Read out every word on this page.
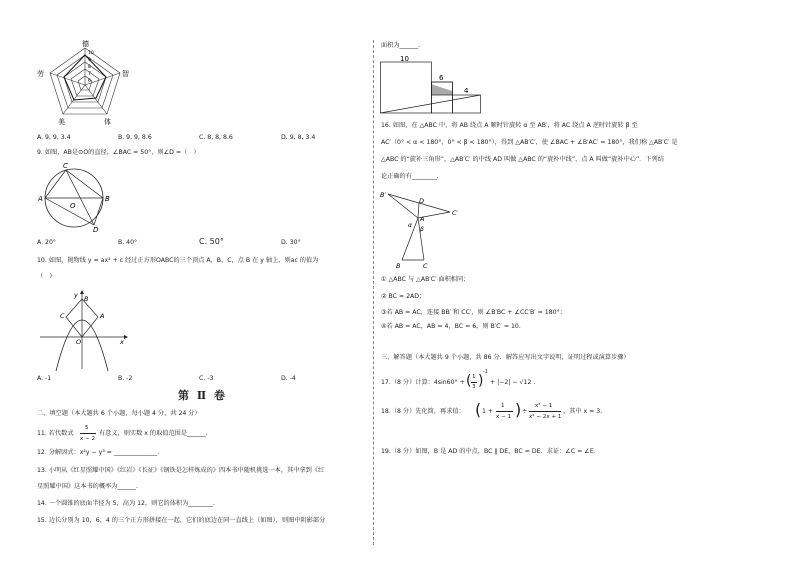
德
智
体
美
劳
10
9
8
7
6
A. 9, 9, 3.4	B. 9, 9, 8.6	C. 8, 8, 8.6	D. 9, 8, 3.4
9. 如图，AB是⊙O的直径，∠BAC = 50°，则∠D =（　）
C
A
O
B
D
A. 20°	B. 40°	C. 50°	D. 30°
10. 如图，抛物线 y = ax² + c 经过正方形OABC的三个顶点 A，B，C，点 B 在 y 轴上，则ac 的值为
（　）
y B
C	A
O	x
A. -1	B. -2	C. -3	D. -4
第 Ⅱ 卷
二、填空题（本大题共 6 个小题，每小题 4 分，共 24 分）
11. 若代数式
5
x − 2
有意义，则实数 x 的取值范围是______.
12. 分解因式：x²y − y³ = ______________.
13. 小明从《红星照耀中国》《红岩》《长征》《钢铁是怎样炼成的》四本书中随机挑选一本，其中拿到《红
星照耀中国》这本书的概率为______.
14. 一个圆锥的底面半径为 5，高为 12，则它的体积为________.
15. 边长分别为 10，6，4 的三个正方形拼接在一起，它们的底边在同一直线上（如图），则图中阴影部分
面积为______.
10
6
4
16. 如图，在 △ABC 中，将 AB 绕点 A 顺时针旋转 α 至 AB′，将 AC 绕点 A 逆时针旋转 β 至
AC′（0° < α < 180°，0° < β < 180°），得到 △AB′C′，使 ∠BAC + ∠B′AC′ = 180°，我们称 △AB′C′ 是
△ABC 的“旋补三角形”，△AB′C′ 的中线 AD 叫做 △ABC 的“旋补中线”，点 A 叫做“旋补中心”．下列结
论正确的有________.
B′
D
C′
A
α
β
B	C
① △ABC 与 △AB′C′ 面积相同；
② BC = 2AD；
③若 AB = AC，连接 BB′ 和 CC′，则 ∠B′BC + ∠CC′B′ = 180°；
④若 AB = AC，AB = 4，BC = 6，则 B′C′ = 10．
三、解答题（本大题共 9 个小题，共 86 分．解答应写出文字说明，证明过程或演算步骤）
17.（8 分）计算：4sin60° + ( 1
3 )
-1
+ |−2| − √12 ．
18.（8 分）先化简，再求值： ( 1 +
1
x − 1 ) ÷
x² − 1
x² − 2x + 1
，其中 x = 3．
19.（8 分）如图，B 是 AD 的中点，BC ∥ DE，BC = DE．求证：∠C = ∠E．
